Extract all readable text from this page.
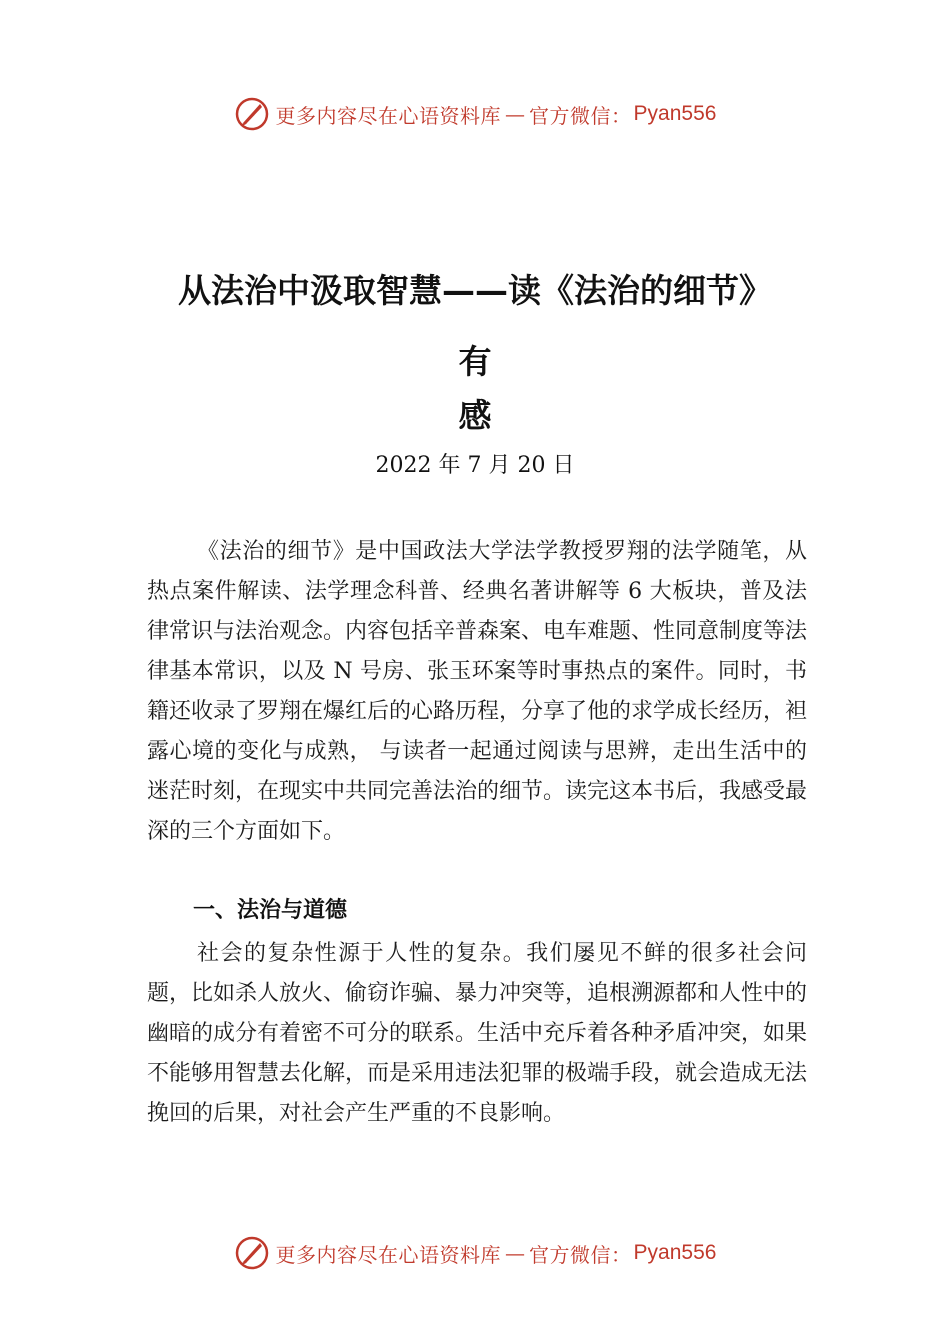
更多内容尽在心语资料库 — 官方微信： Pyan556
从法治中汲取智慧——读《法治的细节》
有
感
2022 年 7 月 20 日

《法治的细节》是中国政法大学法学教授罗翔的法学随笔，从热点案件解读、法学理念科普、经典名著讲解等 6 大板块，普及法律常识与法治观念。内容包括辛普森案、电车难题、性同意制度等法律基本常识，以及 N 号房、张玉环案等时事热点的案件。同时，书籍还收录了罗翔在爆红后的心路历程，分享了他的求学成长经历，袒露心境的变化与成熟， 与读者一起通过阅读与思辨，走出生活中的迷茫时刻，在现实中共同完善法治的细节。读完这本书后，我感受最深的三个方面如下。

一、法治与道德

社会的复杂性源于人性的复杂。我们屡见不鲜的很多社会问题，比如杀人放火、偷窃诈骗、暴力冲突等，追根溯源都和人性中的幽暗的成分有着密不可分的联系。生活中充斥着各种矛盾冲突，如果不能够用智慧去化解，而是采用违法犯罪的极端手段，就会造成无法挽回的后果，对社会产生严重的不良影响。

更多内容尽在心语资料库 — 官方微信： Pyan556
